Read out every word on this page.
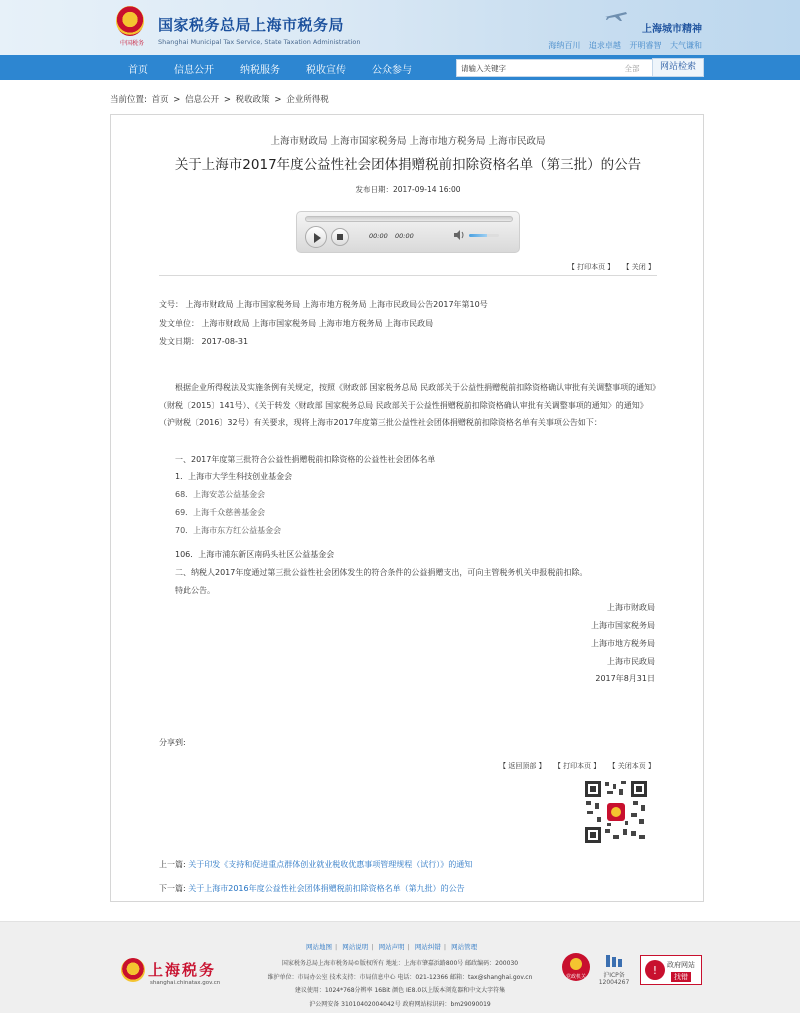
中国税务
国家税务总局上海市税务局
Shanghai Municipal Tax Service, State Taxation Administration
上海城市精神
海纳百川 追求卓越 开明睿智 大气谦和
首页	信息公开	纳税服务	税收宣传	公众参与
请输入关键字	全部	网站检索
当前位置: 首页 > 信息公开 > 税收政策 > 企业所得税
上海市财政局 上海市国家税务局 上海市地方税务局 上海市民政局
关于上海市2017年度公益性社会团体捐赠税前扣除资格名单（第三批）的公告
发布日期：2017-09-14 16:00
00:00 00:00
【 打印本页 】 【 关闭 】
文号： 上海市财政局 上海市国家税务局 上海市地方税务局 上海市民政局公告2017年第10号
发文单位： 上海市财政局 上海市国家税务局 上海市地方税务局 上海市民政局
发文日期： 2017-08-31
根据企业所得税法及实施条例有关规定，按照《财政部 国家税务总局 民政部关于公益性捐赠税前扣除资格确认审批有关调整事项的通知》（财税〔2015〕141号）、《关于转发〈财政部 国家税务总局 民政部关于公益性捐赠税前扣除资格确认审批有关调整事项的通知〉的通知》（沪财税〔2016〕32号）有关要求，现将上海市2017年度第三批公益性社会团体捐赠税前扣除资格名单有关事项公告如下：
一、2017年度第三批符合公益性捐赠税前扣除资格的公益性社会团体名单
1．上海市大学生科技创业基金会
68．上海安恙公益基金会
69．上海千众慈善基金会
70．上海市东方红公益基金会
106．上海市浦东新区南码头社区公益基金会
二、纳税人2017年度通过第三批公益性社会团体发生的符合条件的公益捐赠支出，可向主管税务机关申报税前扣除。
特此公告。
上海市财政局
上海市国家税务局
上海市地方税务局
上海市民政局
2017年8月31日
分享到:
【 返回顶部 】 【 打印本页 】 【 关闭本页 】
上一篇: 关于印发《支持和促进重点群体创业就业税收优惠事项管理规程（试行）》的通知
下一篇: 关于上海市2016年度公益性社会团体捐赠税前扣除资格名单（第九批）的公告
上海税务
shanghai.chinatax.gov.cn
网站地图 | 网站说明 | 网站声明 | 网站纠错 | 网站管理
国家税务总局上海市税务局©版权所有 地址：上海市肇嘉浜路800号 邮政编码：200030
维护单位：市局办公室 技术支持：市局信息中心 电话：021-12366 邮箱：tax@shanghai.gov.cn
建议使用：1024*768分辨率 16Bit 颜色 IE8.0以上版本浏览器和中文大字符集
沪公网安备 31010402004042号 政府网站标识码：bm29090019
党政机关	沪ICP备12004267
! 政府网站
找错
